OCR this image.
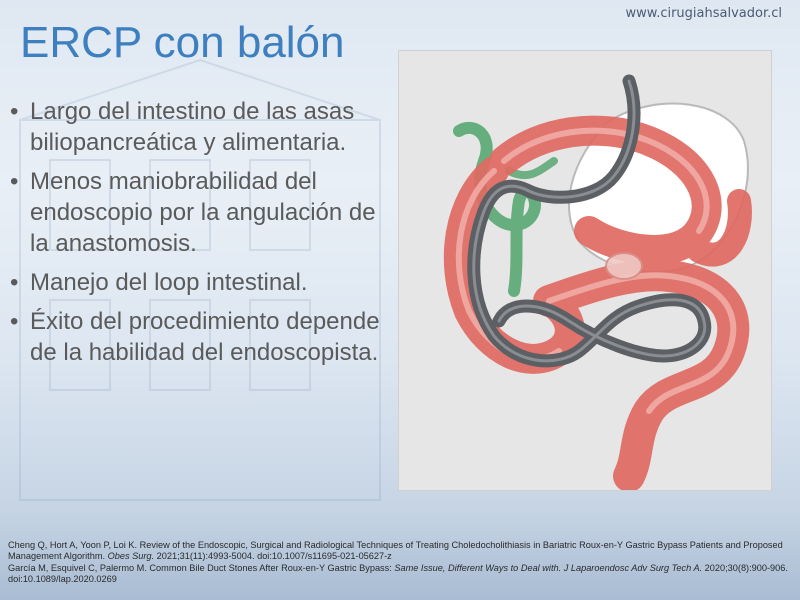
www.cirugiahsalvador.cl
ERCP con balón
• Largo del intestino de las asas biliopancreática y alimentaria.
• Menos maniobrabilidad del endoscopio por la angulación de la anastomosis.
• Manejo del loop intestinal.
• Éxito del procedimiento depende de la habilidad del endoscopista.

Cheng Q, Hort A, Yoon P, Loi K. Review of the Endoscopic, Surgical and Radiological Techniques of Treating Choledocholithiasis in Bariatric Roux-en-Y Gastric Bypass Patients and Proposed Management Algorithm. Obes Surg. 2021;31(11):4993-5004. doi:10.1007/s11695-021-05627-z

García M, Esquivel C, Palermo M. Common Bile Duct Stones After Roux-en-Y Gastric Bypass: Same Issue, Different Ways to Deal with. J Laparoendosc Adv Surg Tech A. 2020;30(8):900-906. doi:10.1089/lap.2020.0269
